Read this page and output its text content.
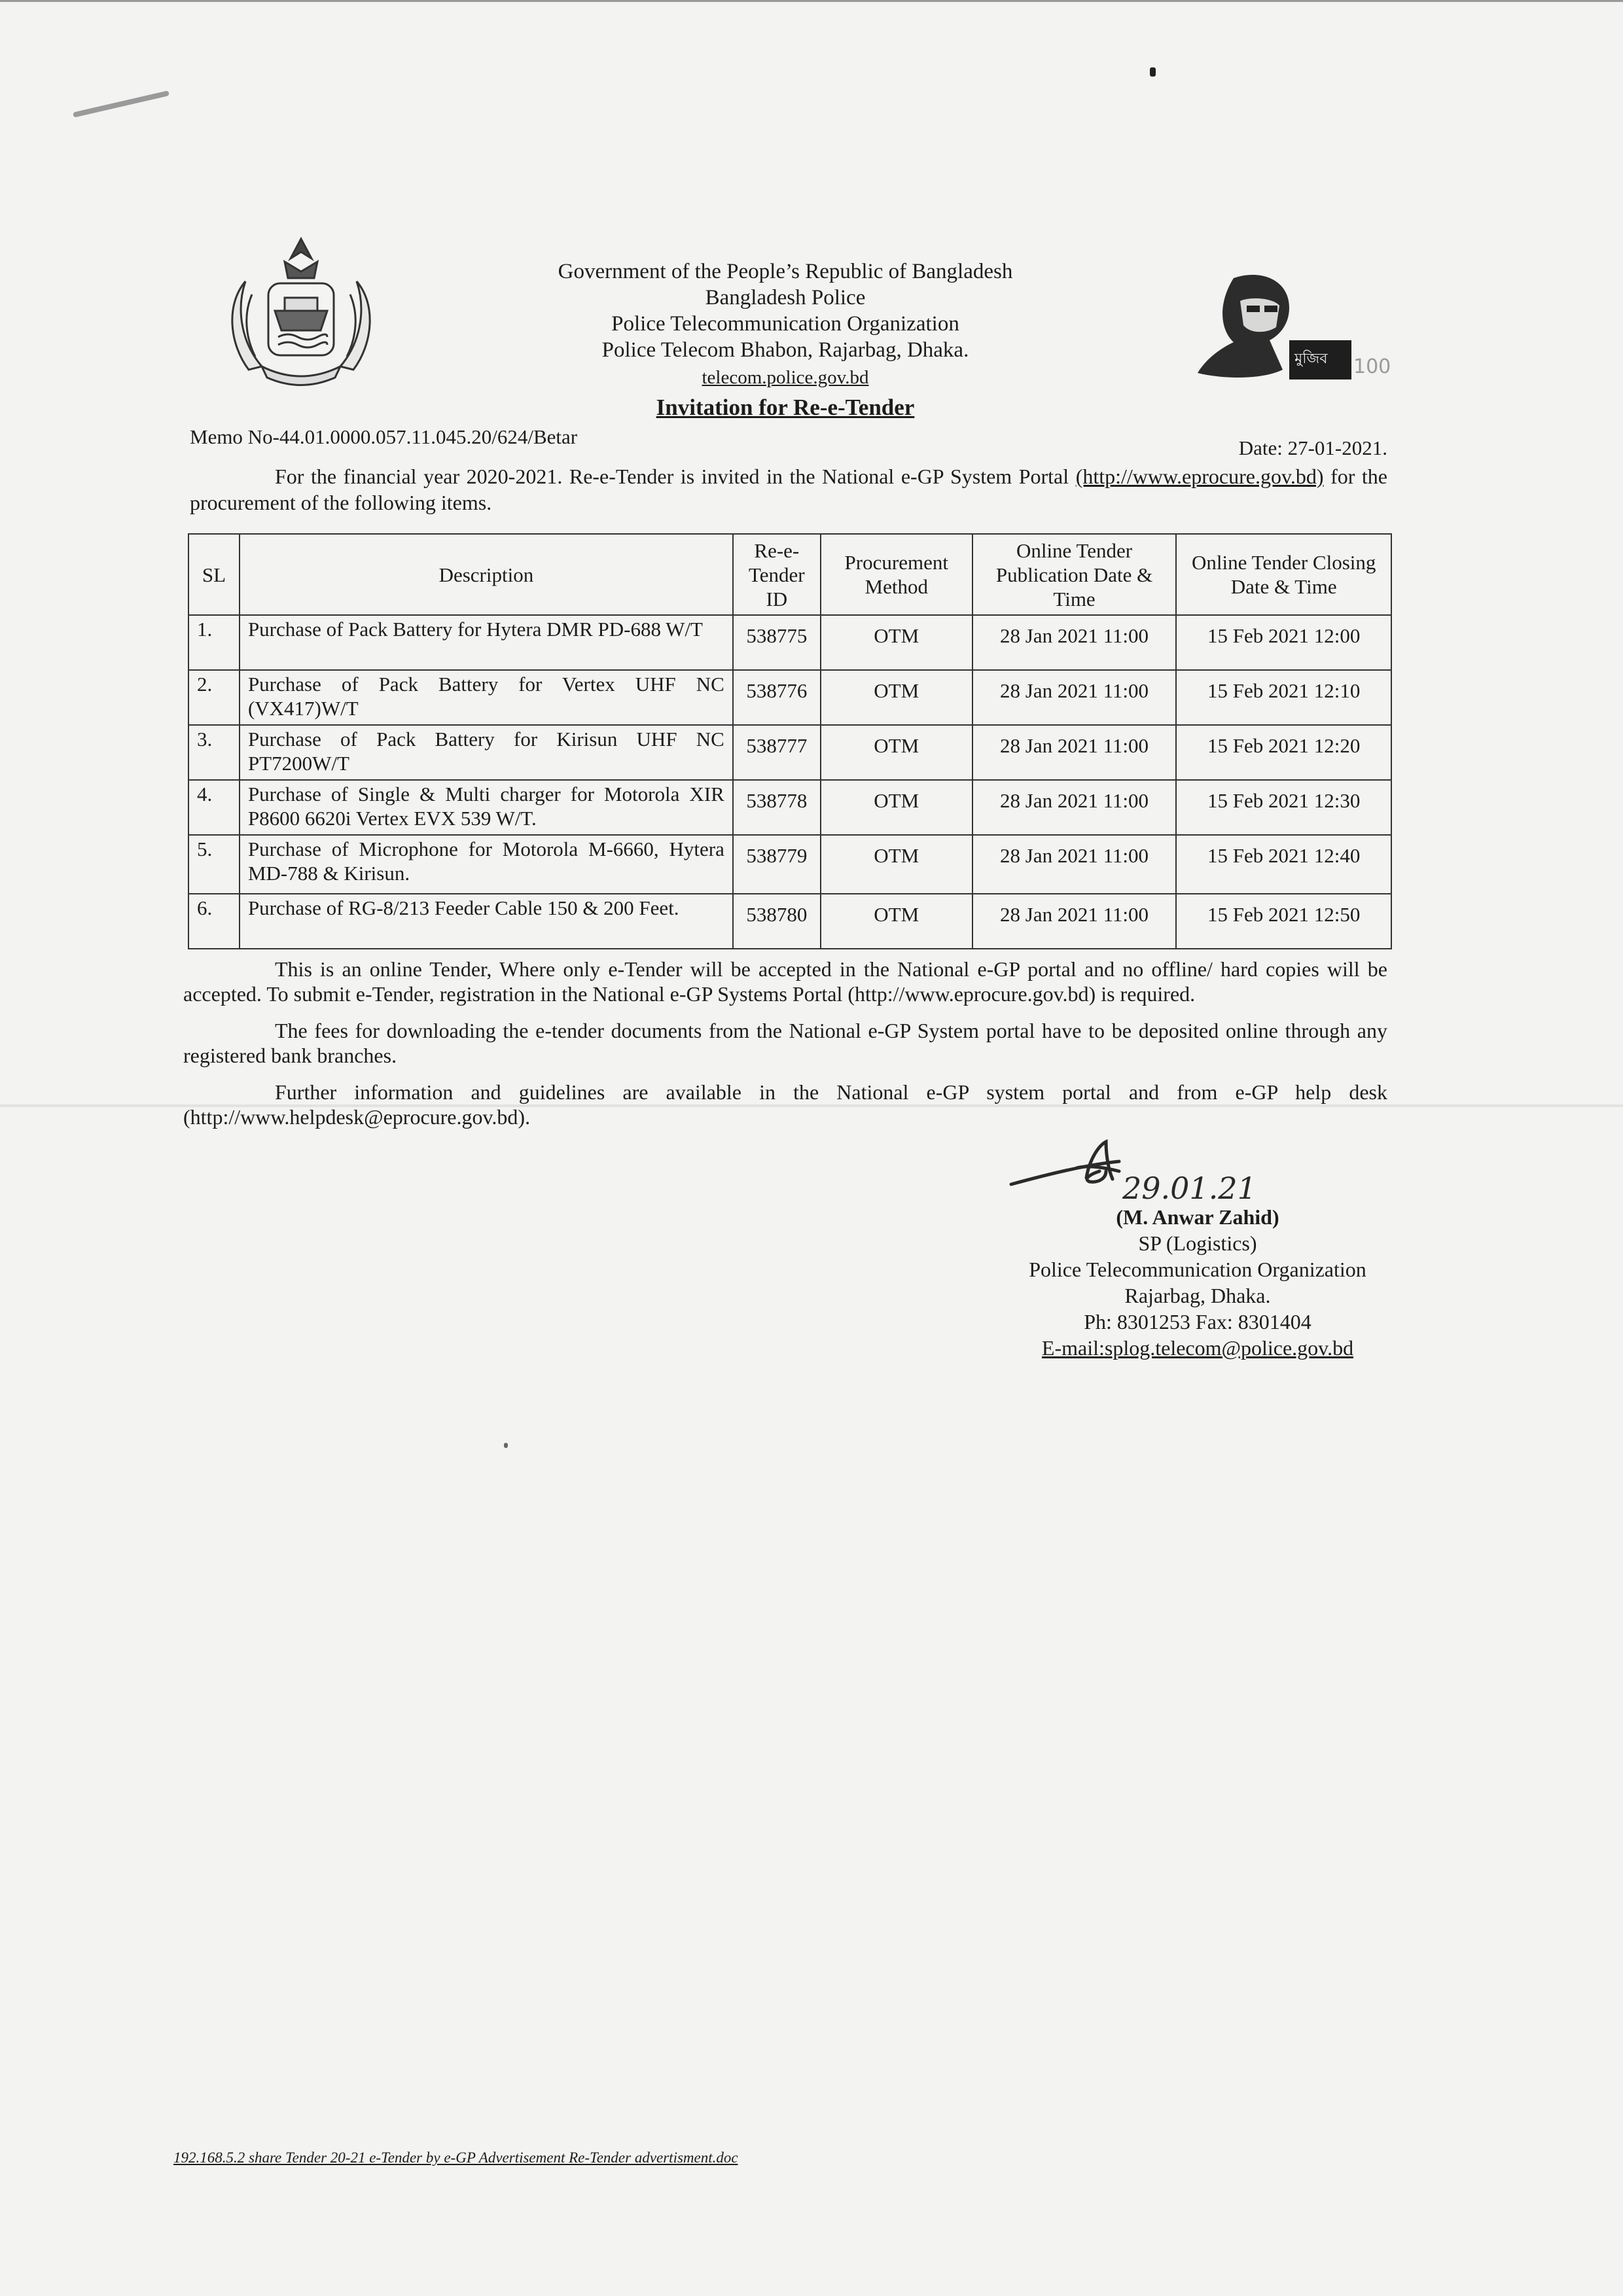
মুজিব 100
Government of the People’s Republic of Bangladesh
Bangladesh Police
Police Telecommunication Organization
Police Telecom Bhabon, Rajarbag, Dhaka.
telecom.police.gov.bd
Invitation for Re-e-Tender
Memo No-44.01.0000.057.11.045.20/624/Betar	Date: 27-01-2021.
For the financial year 2020-2021. Re-e-Tender is invited in the National e-GP System Portal (http://www.eprocure.gov.bd) for the procurement of the following items.
SL	Description	Re-e-Tender ID	Procurement Method	Online Tender Publication Date & Time	Online Tender Closing Date & Time
1.	Purchase of Pack Battery for Hytera DMR PD-688 W/T	538775	OTM	28 Jan 2021 11:00	15 Feb 2021 12:00
2.	Purchase of Pack Battery for Vertex UHF NC (VX417)W/T	538776	OTM	28 Jan 2021 11:00	15 Feb 2021 12:10
3.	Purchase of Pack Battery for Kirisun UHF NC PT7200W/T	538777	OTM	28 Jan 2021 11:00	15 Feb 2021 12:20
4.	Purchase of Single & Multi charger for Motorola XIR P8600 6620i Vertex EVX 539 W/T.	538778	OTM	28 Jan 2021 11:00	15 Feb 2021 12:30
5.	Purchase of Microphone for Motorola M-6660, Hytera MD-788 & Kirisun.	538779	OTM	28 Jan 2021 11:00	15 Feb 2021 12:40
6.	Purchase of RG-8/213 Feeder Cable 150 & 200 Feet.	538780	OTM	28 Jan 2021 11:00	15 Feb 2021 12:50
This is an online Tender, Where only e-Tender will be accepted in the National e-GP portal and no offline/ hard copies will be accepted. To submit e-Tender, registration in the National e-GP Systems Portal (http://www.eprocure.gov.bd) is required.
The fees for downloading the e-tender documents from the National e-GP System portal have to be deposited online through any registered bank branches.
Further information and guidelines are available in the National e-GP system portal and from e-GP help desk (http://www.helpdesk@eprocure.gov.bd).
29.01.21
(M. Anwar Zahid)
SP (Logistics)
Police Telecommunication Organization
Rajarbag, Dhaka.
Ph: 8301253 Fax: 8301404
E-mail:splog.telecom@police.gov.bd
192.168.5.2 share Tender 20-21 e-Tender by e-GP Advertisement Re-Tender advertisment.doc
